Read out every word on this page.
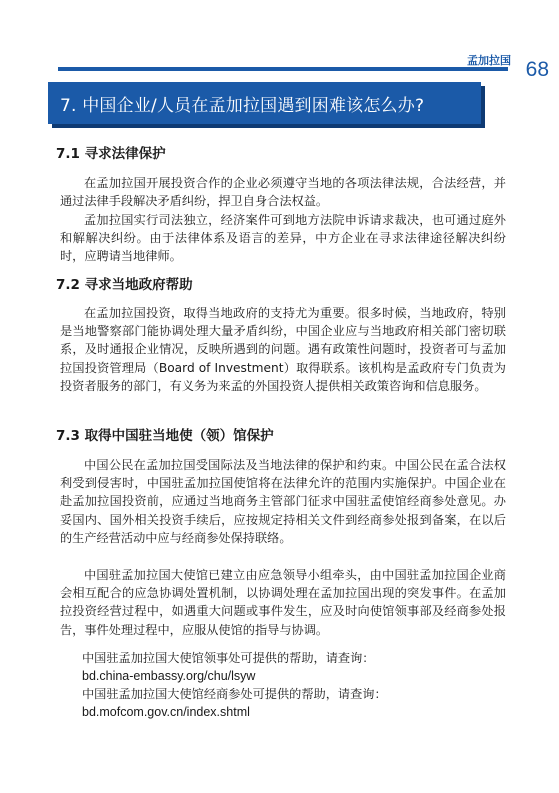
孟加拉国 68
7. 中国企业/人员在孟加拉国遇到困难该怎么办?
7.1 寻求法律保护

在孟加拉国开展投资合作的企业必须遵守当地的各项法律法规，合法经营，并通过法律手段解决矛盾纠纷，捍卫自身合法权益。

孟加拉国实行司法独立，经济案件可到地方法院申诉请求裁决，也可通过庭外和解解决纠纷。由于法律体系及语言的差异，中方企业在寻求法律途径解决纠纷时，应聘请当地律师。

7.2 寻求当地政府帮助

在孟加拉国投资，取得当地政府的支持尤为重要。很多时候，当地政府，特别是当地警察部门能协调处理大量矛盾纠纷，中国企业应与当地政府相关部门密切联系，及时通报企业情况，反映所遇到的问题。遇有政策性问题时，投资者可与孟加拉国投资管理局（Board of Investment）取得联系。该机构是孟政府专门负责为投资者服务的部门，有义务为来孟的外国投资人提供相关政策咨询和信息服务。

7.3 取得中国驻当地使（领）馆保护

中国公民在孟加拉国受国际法及当地法律的保护和约束。中国公民在孟合法权利受到侵害时，中国驻孟加拉国使馆将在法律允许的范围内实施保护。中国企业在赴孟加拉国投资前，应通过当地商务主管部门征求中国驻孟使馆经商参处意见。办妥国内、国外相关投资手续后，应按规定持相关文件到经商参处报到备案，在以后的生产经营活动中应与经商参处保持联络。

中国驻孟加拉国大使馆已建立由应急领导小组牵头，由中国驻孟加拉国企业商会相互配合的应急协调处置机制，以协调处理在孟加拉国出现的突发事件。在孟加拉投资经营过程中，如遇重大问题或事件发生，应及时向使馆领事部及经商参处报告，事件处理过程中，应服从使馆的指导与协调。

中国驻孟加拉国大使馆领事处可提供的帮助，请查询：
bd.china-embassy.org/chu/lsyw
中国驻孟加拉国大使馆经商参处可提供的帮助，请查询：
bd.mofcom.gov.cn/index.shtml
